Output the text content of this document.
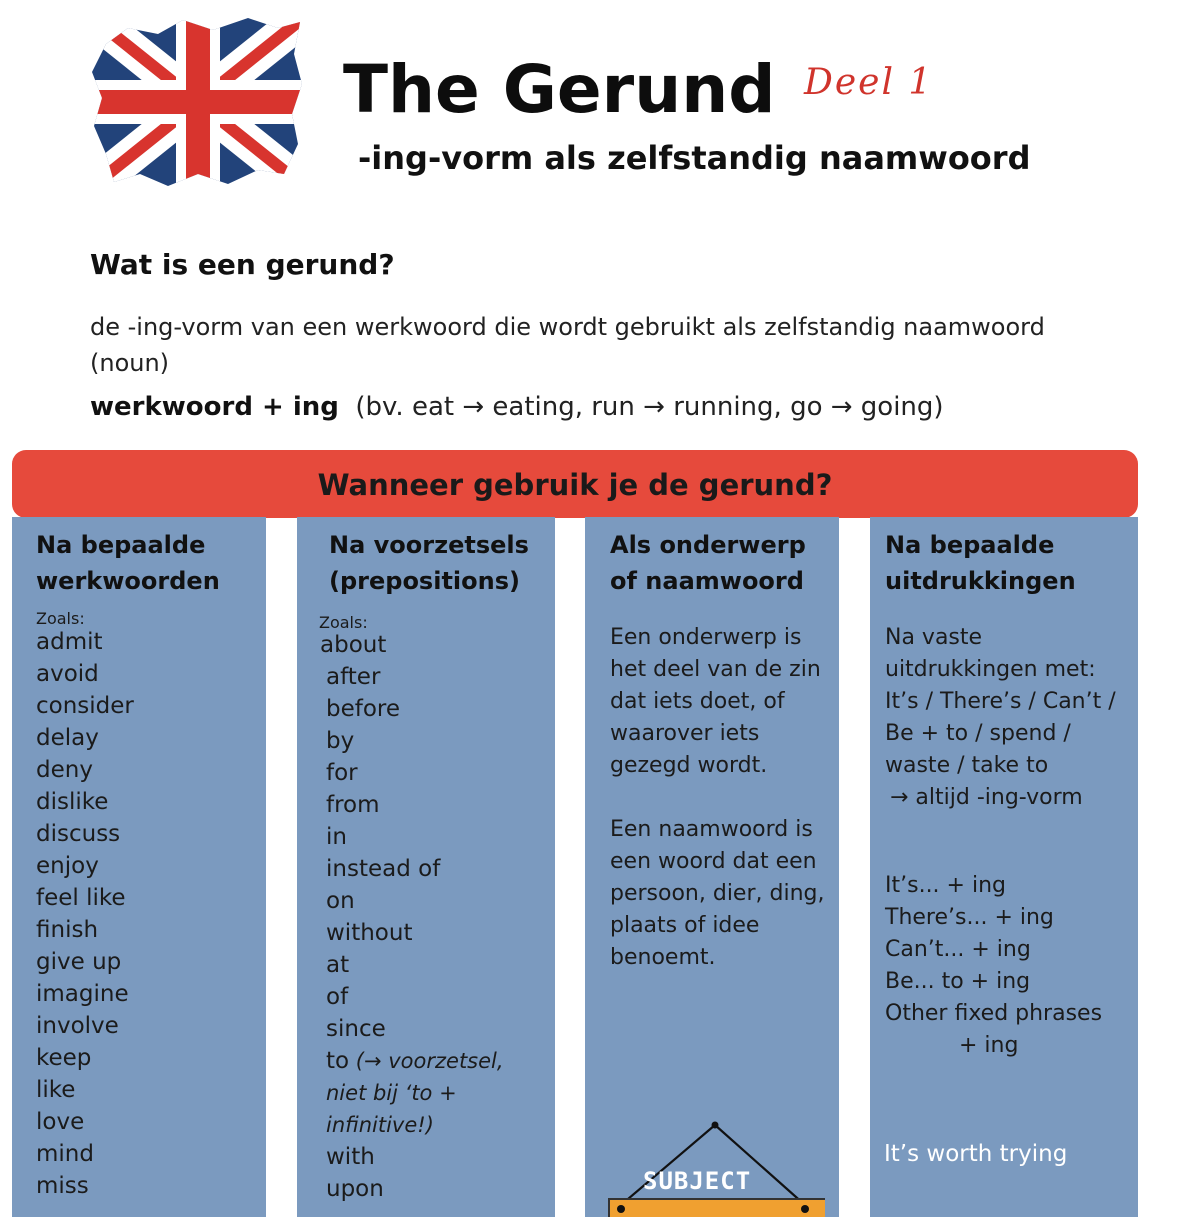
The Gerund Deel 1
-ing-vorm als zelfstandig naamwoord
Wat is een gerund?

de -ing-vorm van een werkwoord die wordt gebruikt als zelfstandig naamwoord (noun)

werkwoord + ing (bv. eat → eating, run → running, go → going)

Wanneer gebruik je de gerund?

Na bepaalde
werkwoorden

Zoals:
admit
avoid
consider
delay
deny
dislike
discuss
enjoy
feel like
finish
give up
imagine
involve
keep
like
love
mind
miss

Na voorzetsels
(prepositions)

Zoals:
about
after
before
by
for
from
in
instead of
on
without
at
of
since
to (→ voorzetsel, niet bij ‘to + infinitive!)
with
upon

Als onderwerp
of naamwoord

Een onderwerp is het deel van de zin dat iets doet, of waarover iets gezegd wordt.

Een naamwoord is een woord dat een persoon, dier, ding, plaats of idee benoemt.

SUBJECT

Na bepaalde
uitdrukkingen

Na vaste uitdrukkingen met: It’s / There’s / Can’t / Be + to / spend / waste / take to

→ altijd -ing-vorm

It’s... + ing
There’s... + ing
Can’t... + ing
Be... to + ing
Other fixed phrases
+ ing
It’s worth trying
